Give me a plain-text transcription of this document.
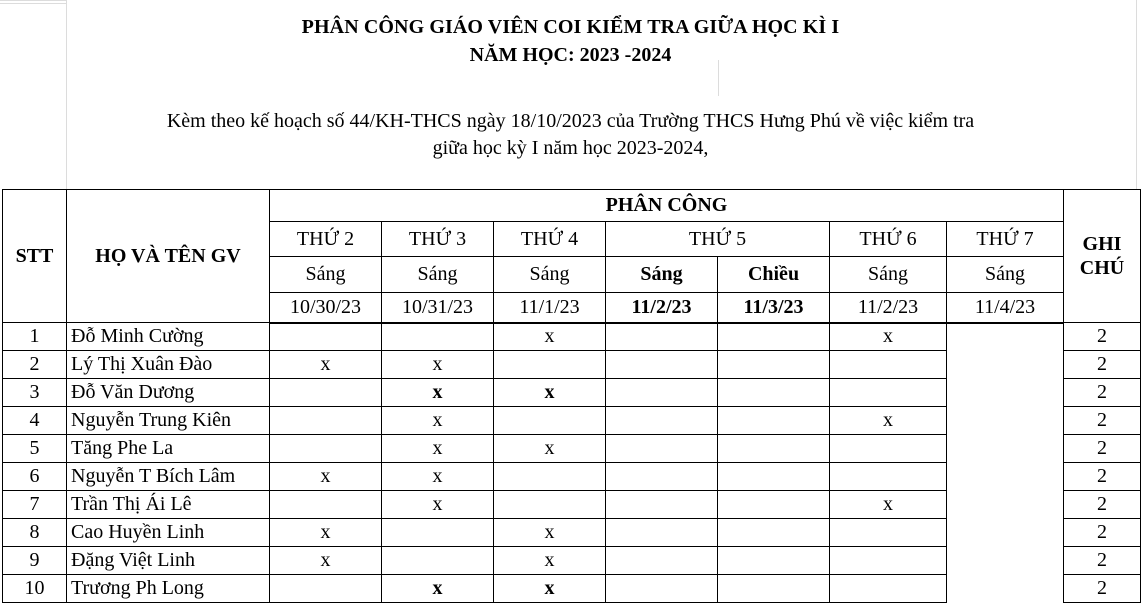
PHÂN CÔNG GIÁO VIÊN COI KIỂM TRA GIỮA HỌC KÌ I
NĂM HỌC: 2023 -2024
Kèm theo kế hoạch số 44/KH-THCS ngày 18/10/2023 của Trường THCS Hưng Phú về việc kiểm tra
giữa học kỳ I năm học 2023-2024,
STT	HỌ VÀ TÊN GV	PHÂN CÔNG							GHI
CHÚ

		THỨ 2	THỨ 3	THỨ 4	THỨ 5		THỨ 6	THỨ 7	
		Sáng	Sáng	Sáng	Sáng	Chiều	Sáng	Sáng	
		10/30/23	10/31/23	11/1/23	11/2/23	11/3/23	11/2/23	11/4/23	
1	Đỗ Minh Cường			x			x		2
2	Lý Thị Xuân Đào	x	x						2
3	Đỗ Văn Dương		x	x					2
4	Nguyễn Trung Kiên		x				x		2
5	Tăng Phe La		x	x					2
6	Nguyễn T Bích Lâm	x	x						2
7	Trần Thị Ái Lê		x				x		2
8	Cao Huyền Linh	x		x					2
9	Đặng Việt Linh	x		x					2
10	Trương Ph Long		x	x					2
